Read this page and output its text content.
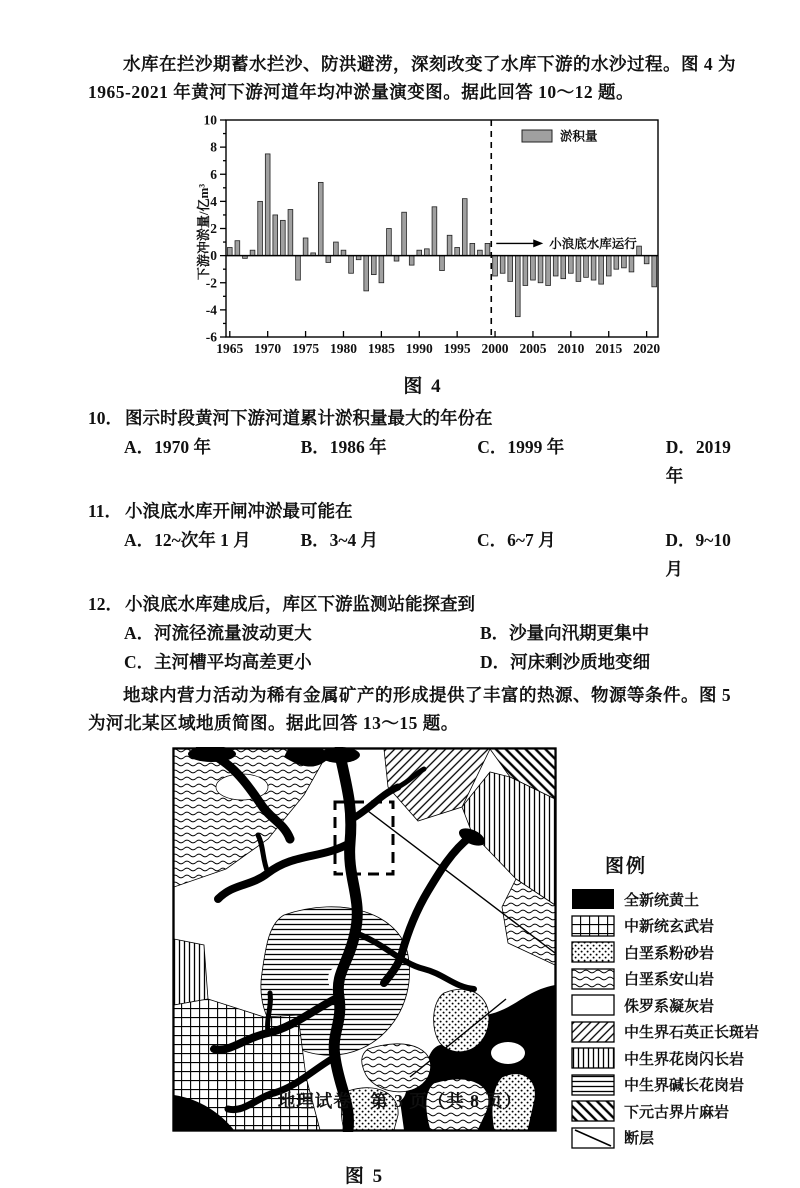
水库在拦沙期蓄水拦沙、防洪避涝，深刻改变了水库下游的水沙过程。图 4 为 1965-2021 年黄河下游河道年均冲淤量演变图。据此回答 10～12 题。

-6
-4
-2
0
2
4
6
8
10
1965 1970 1975 1980 1985 1990 1995 2000 2005 2010 2015 2020
小浪底水库运行
淤积量
下游冲淤量/亿m³
图 4
10． 图示时段黄河下游河道累计淤积量最大的年份在
A．1970 年	B．1986 年	C．1999 年	D．2019 年
11． 小浪底水库开闸冲淤最可能在
A．12~次年 1 月	B．3~4 月	C．6~7 月	D．9~10 月
12． 小浪底水库建成后，库区下游监测站能探查到
A．河流径流量波动更大	B．沙量向汛期更集中
C．主河槽平均高差更小	D．河床剩沙质地变细

地球内营力活动为稀有金属矿产的形成提供了丰富的热源、物源等条件。图 5 为河北某区域地质简图。据此回答 13～15 题。

图例
全新统黄土
中新统玄武岩
白垩系粉砂岩
白垩系安山岩
侏罗系凝灰岩
中生界石英正长斑岩
中生界花岗闪长岩
中生界碱长花岗岩
下元古界片麻岩
断层
图 5
地理试卷　第 3 页（共 8 页）
